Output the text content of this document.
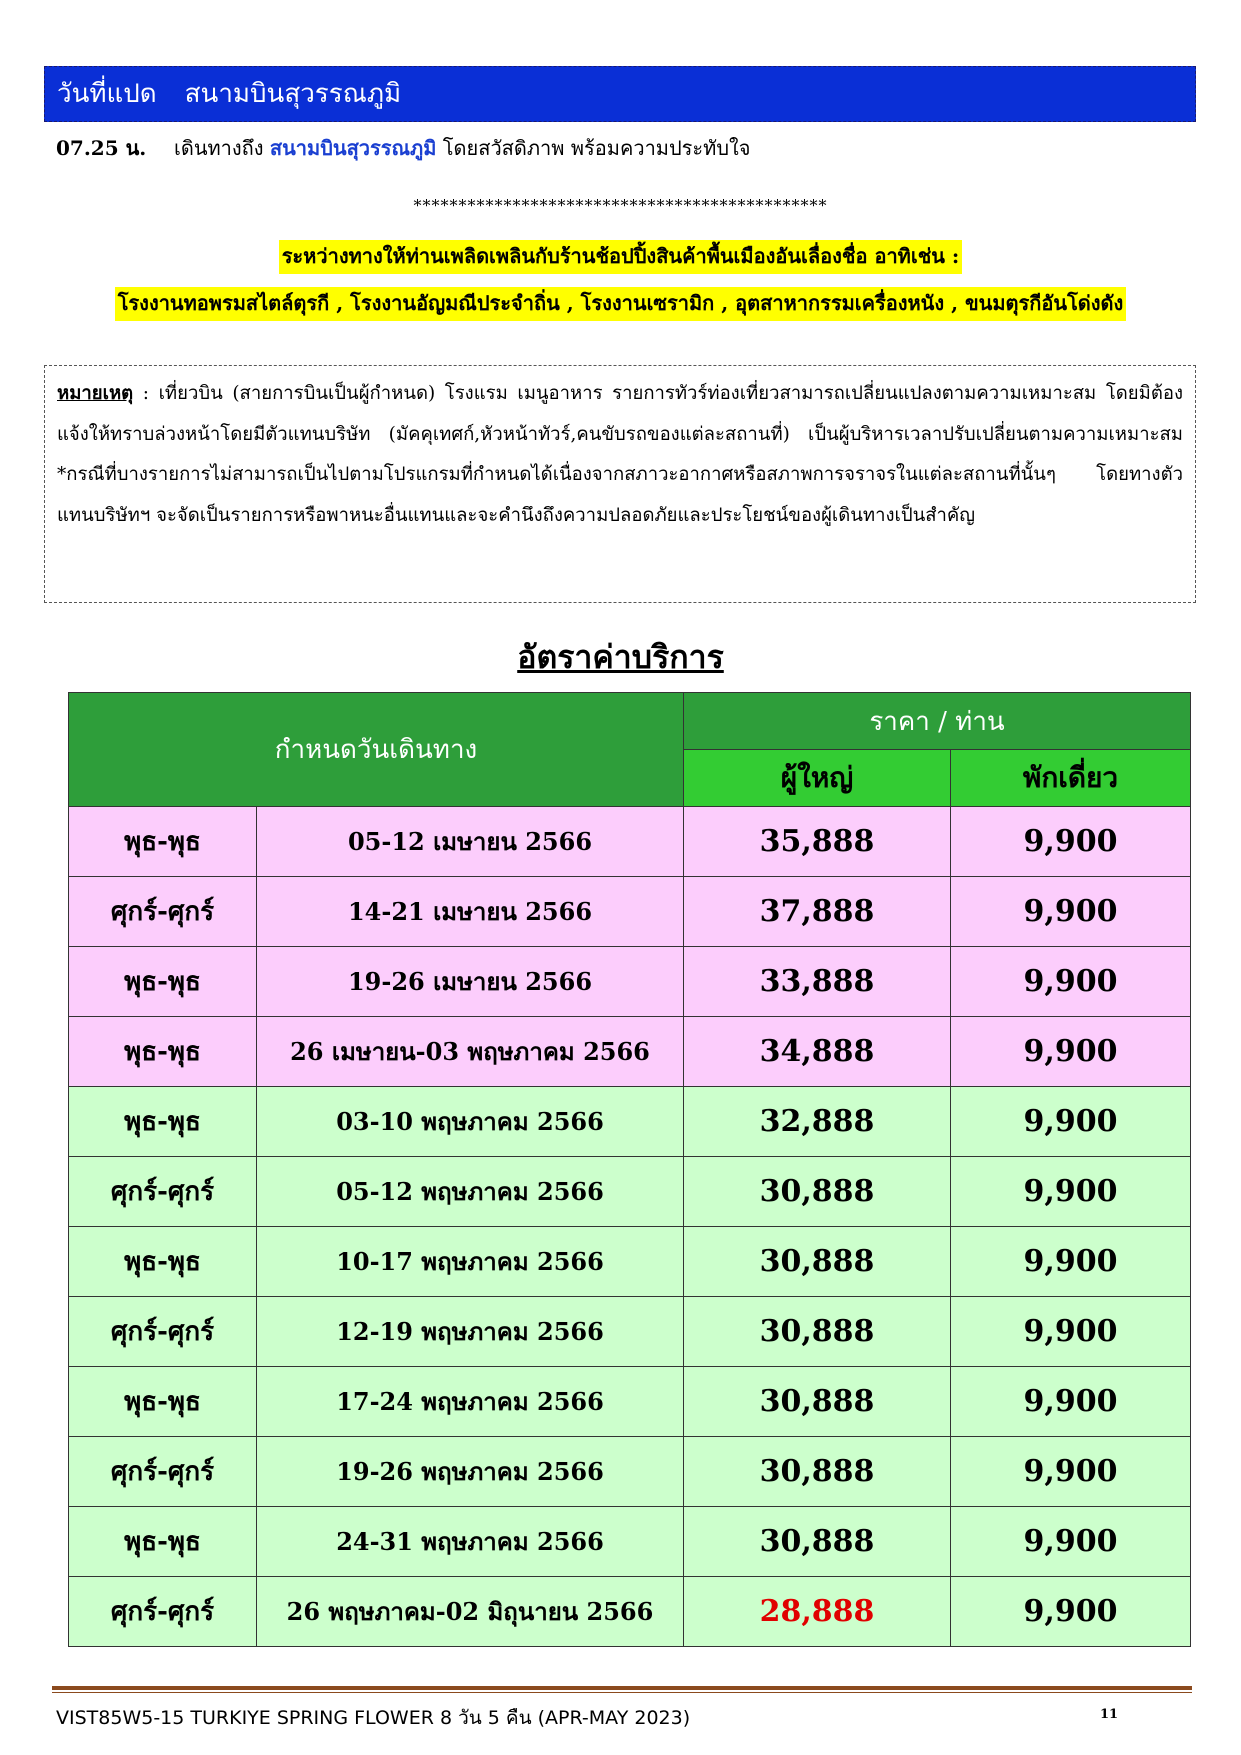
วันที่แปด สนามบินสุวรรณภูมิ
07.25 น. เดินทางถึง สนามบินสุวรรณภูมิ โดยสวัสดิภาพ พร้อมความประทับใจ
**********************************************
ระหว่างทางให้ท่านเพลิดเพลินกับร้านช้อปปิ้งสินค้าพื้นเมืองอันเลื่องชื่อ อาทิเช่น :
โรงงานทอพรมสไตล์ตุรกี , โรงงานอัญมณีประจำถิ่น , โรงงานเซรามิก , อุตสาหากรรมเครื่องหนัง , ขนมตุรกีอันโด่งดัง
หมายเหตุ : เที่ยวบิน (สายการบินเป็นผู้กำหนด) โรงแรม เมนูอาหาร รายการทัวร์ท่องเที่ยวสามารถเปลี่ยนแปลงตามความเหมาะสม โดยมิต้องแจ้งให้ทราบล่วงหน้าโดยมีตัวแทนบริษัท (มัคคุเทศก์,หัวหน้าทัวร์,คนขับรถของแต่ละสถานที่) เป็นผู้บริหารเวลาปรับเปลี่ยนตามความเหมาะสม *กรณีที่บางรายการไม่สามารถเป็นไปตามโปรแกรมที่กำหนดได้เนื่องจากสภาวะอากาศหรือสภาพการจราจรในแต่ละสถานที่นั้นๆ โดยทางตัวแทนบริษัทฯ จะจัดเป็นรายการหรือพาหนะอื่นแทนและจะคำนึงถึงความปลอดภัยและประโยชน์ของผู้เดินทางเป็นสำคัญ
อัตราค่าบริการ
กำหนดวันเดินทาง		ราคา / ท่าน	
		ผู้ใหญ่	พักเดี่ยว
พุธ-พุธ	05-12 เมษายน 2566	35,888	9,900
ศุกร์-ศุกร์	14-21 เมษายน 2566	37,888	9,900
พุธ-พุธ	19-26 เมษายน 2566	33,888	9,900
พุธ-พุธ	26 เมษายน-03 พฤษภาคม 2566	34,888	9,900
พุธ-พุธ	03-10 พฤษภาคม 2566	32,888	9,900
ศุกร์-ศุกร์	05-12 พฤษภาคม 2566	30,888	9,900
พุธ-พุธ	10-17 พฤษภาคม 2566	30,888	9,900
ศุกร์-ศุกร์	12-19 พฤษภาคม 2566	30,888	9,900
พุธ-พุธ	17-24 พฤษภาคม 2566	30,888	9,900
ศุกร์-ศุกร์	19-26 พฤษภาคม 2566	30,888	9,900
พุธ-พุธ	24-31 พฤษภาคม 2566	30,888	9,900
ศุกร์-ศุกร์	26 พฤษภาคม-02 มิถุนายน 2566	28,888	9,900
VIST85W5-15 TURKIYE SPRING FLOWER 8 วัน 5 คืน (APR-MAY 2023)	11
